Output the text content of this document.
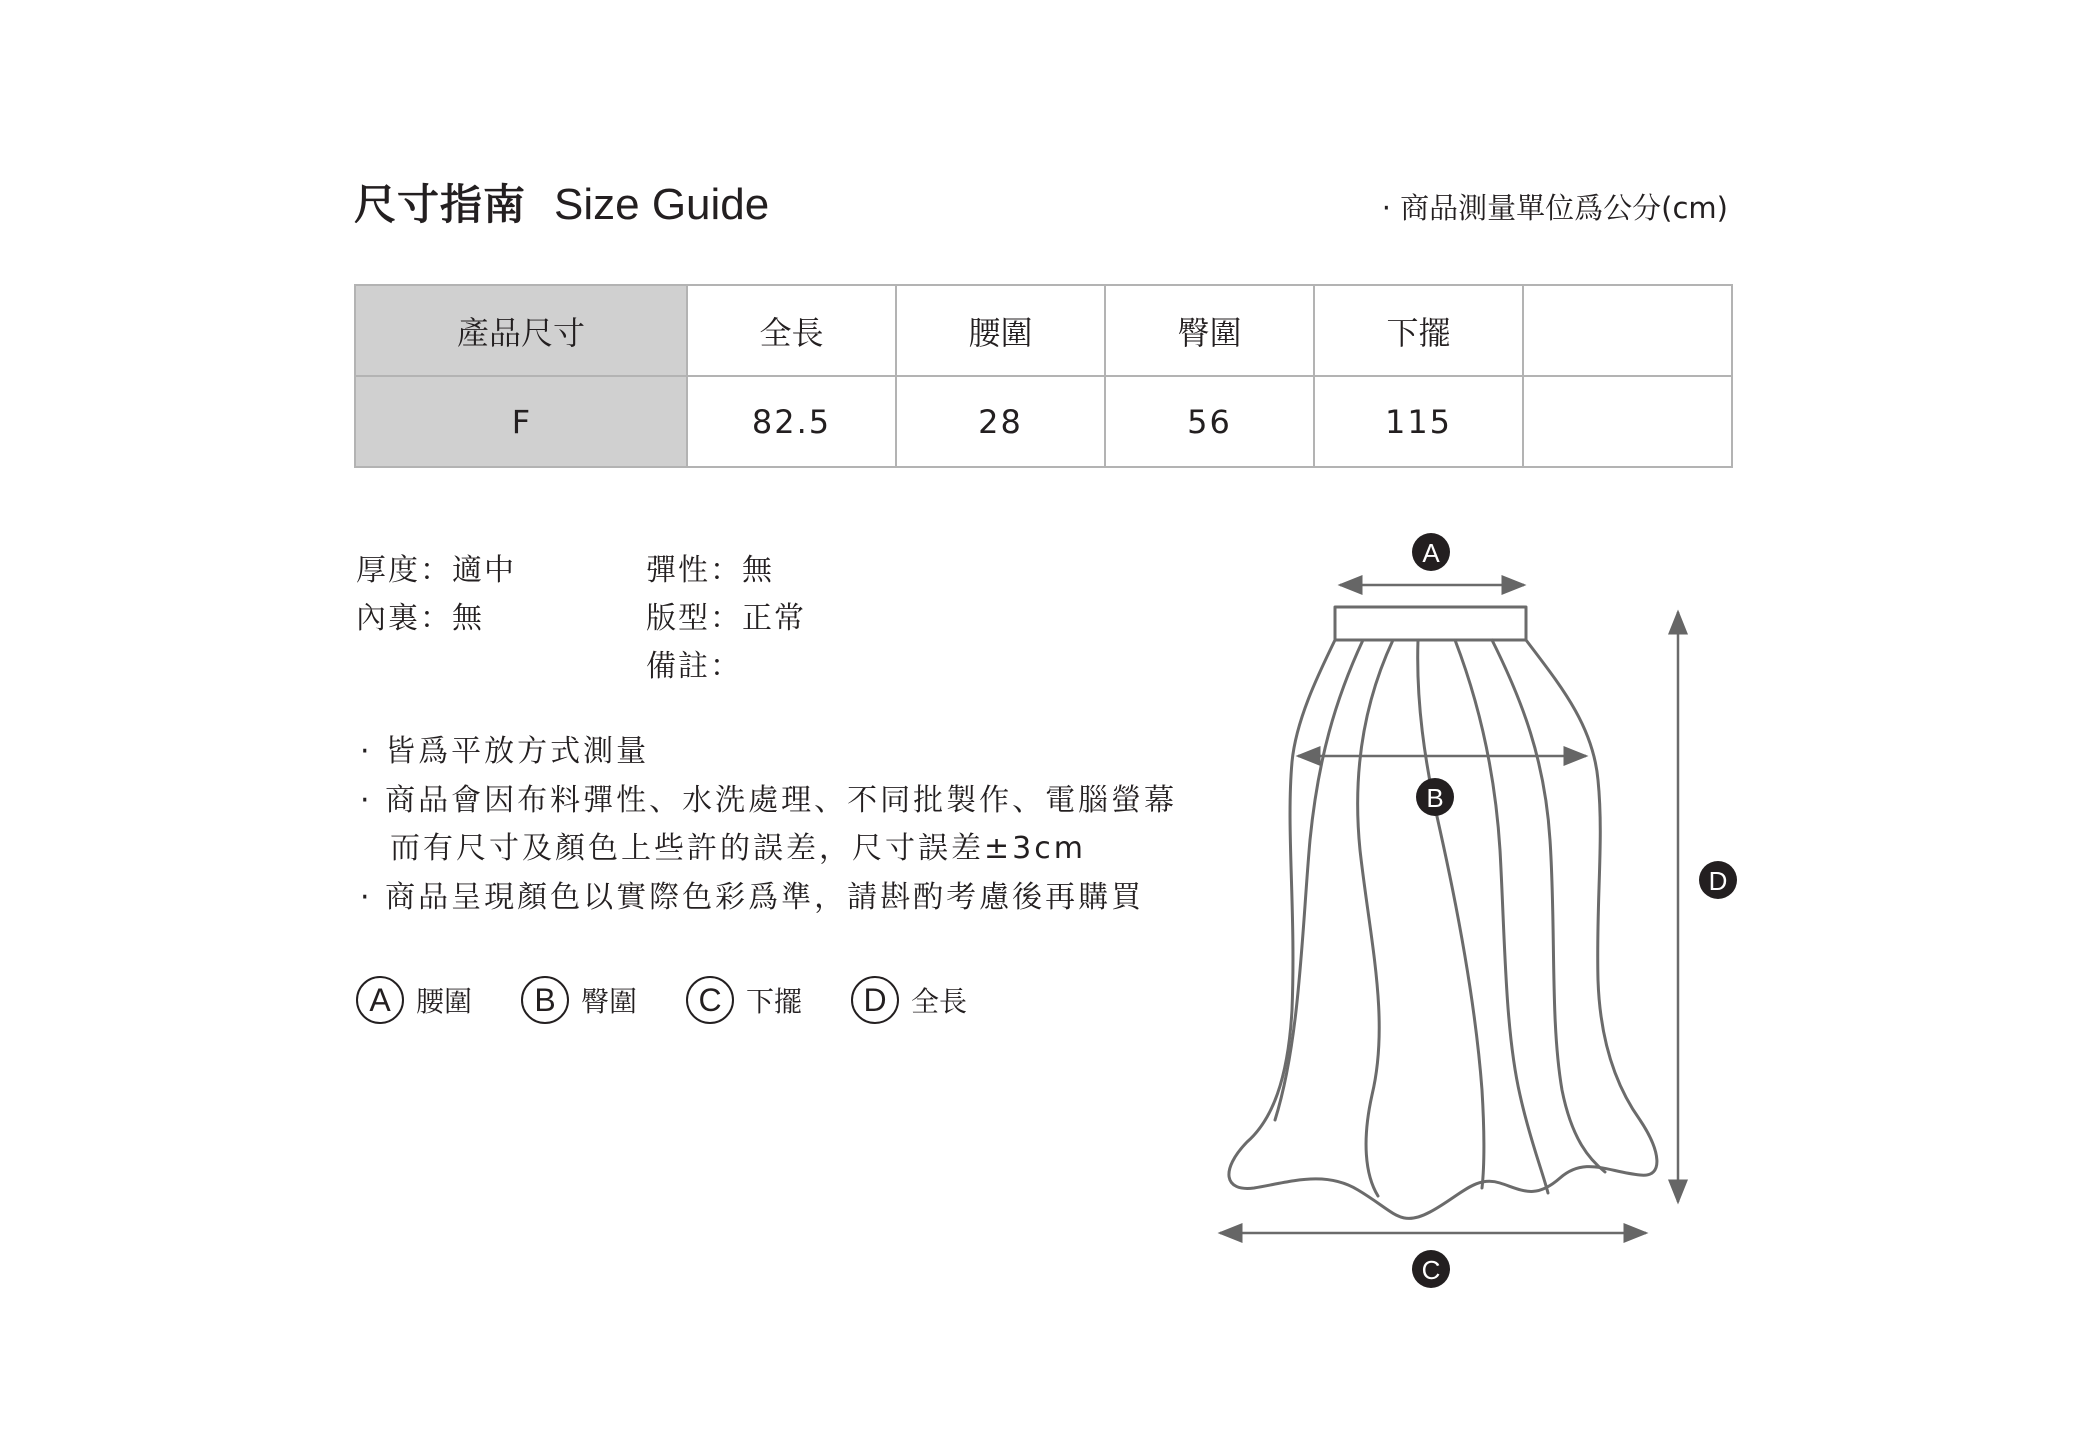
尺寸指南 Size Guide	· 商品測量單位爲公分(cm)
產品尺寸	全長	腰圍	臀圍	下擺	
F	82.5	28	56	115	
厚度：適中
內裏：無
彈性：無
版型：正常
備註：
· 皆爲平放方式測量
· 商品會因布料彈性、水洗處理、不同批製作、電腦螢幕
而有尺寸及顏色上些許的誤差，尺寸誤差±3cm
· 商品呈現顏色以實際色彩爲準，請斟酌考慮後再購買
A 腰圍	B 臀圍	C 下擺	D 全長
A
B
C
D
